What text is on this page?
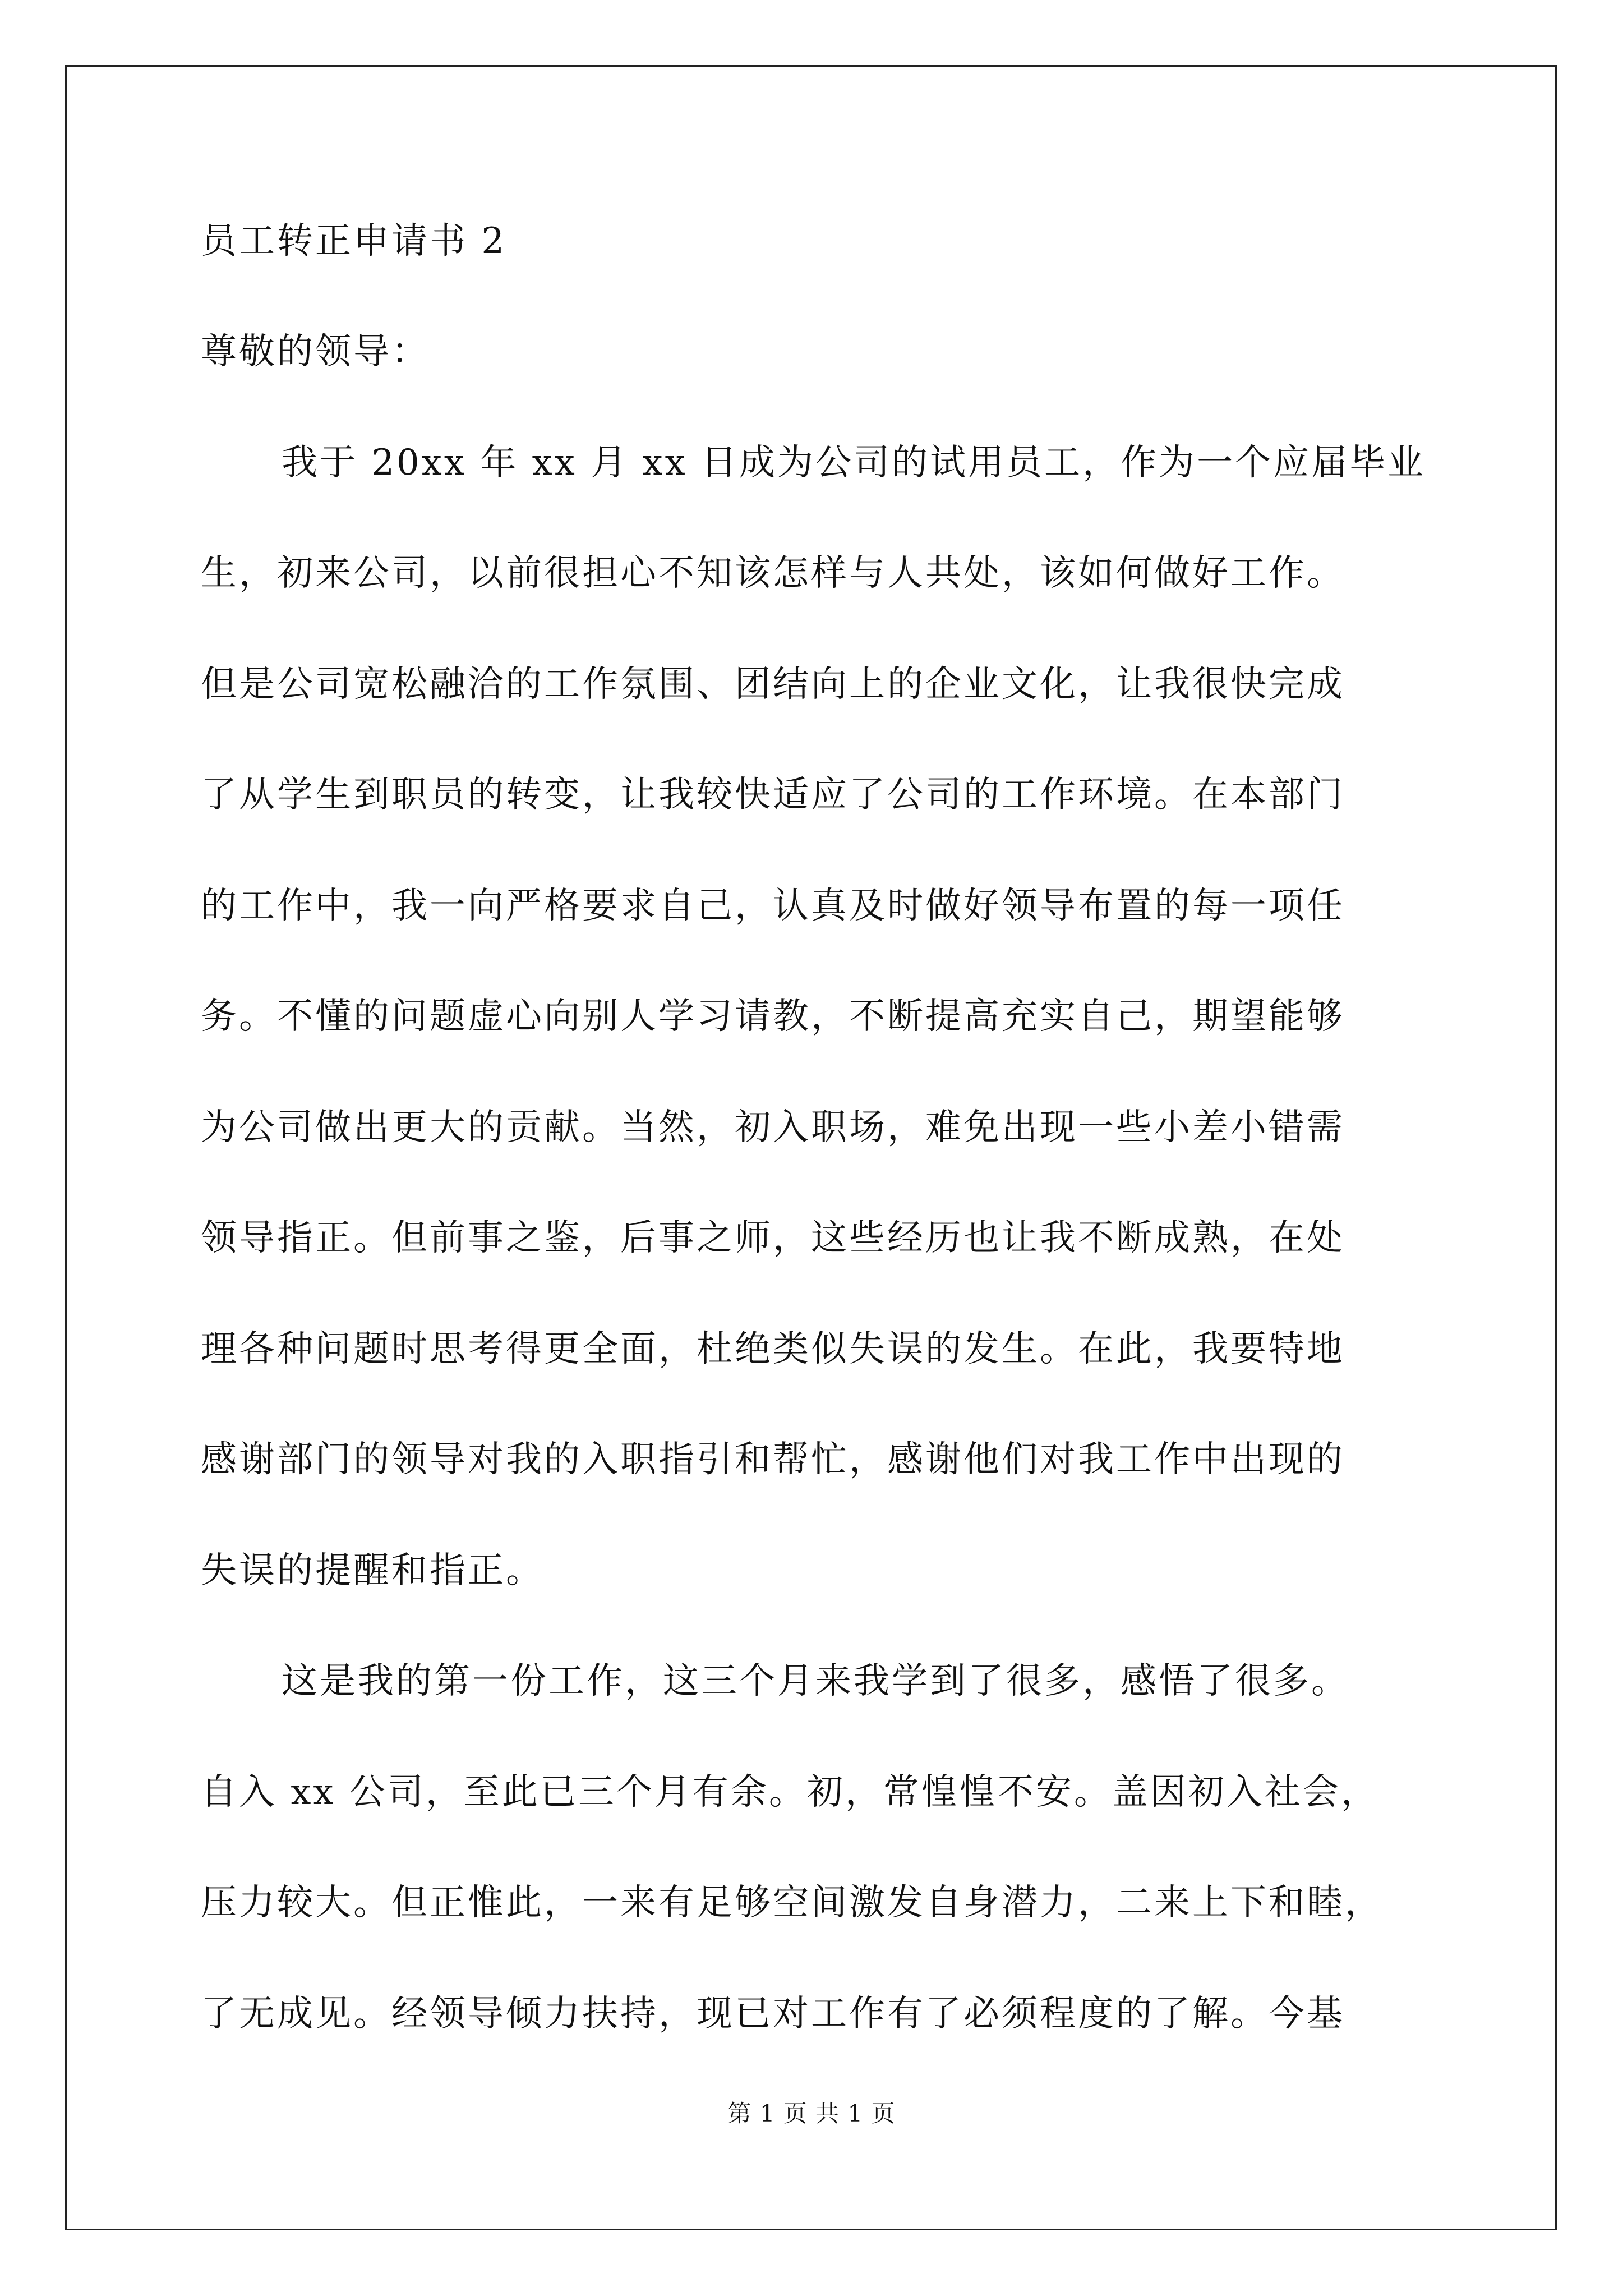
员工转正申请书 2
尊敬的领导：
我于 20xx 年 xx 月 xx 日成为公司的试用员工，作为一个应届毕业
生，初来公司，以前很担心不知该怎样与人共处，该如何做好工作。
但是公司宽松融洽的工作氛围、团结向上的企业文化，让我很快完成
了从学生到职员的转变，让我较快适应了公司的工作环境。在本部门
的工作中，我一向严格要求自己，认真及时做好领导布置的每一项任
务。不懂的问题虚心向别人学习请教，不断提高充实自己，期望能够
为公司做出更大的贡献。当然，初入职场，难免出现一些小差小错需
领导指正。但前事之鉴，后事之师，这些经历也让我不断成熟，在处
理各种问题时思考得更全面，杜绝类似失误的发生。在此，我要特地
感谢部门的领导对我的入职指引和帮忙，感谢他们对我工作中出现的
失误的提醒和指正。
这是我的第一份工作，这三个月来我学到了很多，感悟了很多。
自入 xx 公司，至此已三个月有余。初，常惶惶不安。盖因初入社会，
压力较大。但正惟此，一来有足够空间激发自身潜力，二来上下和睦，
了无成见。经领导倾力扶持，现已对工作有了必须程度的了解。今基
第 1 页 共 1 页
